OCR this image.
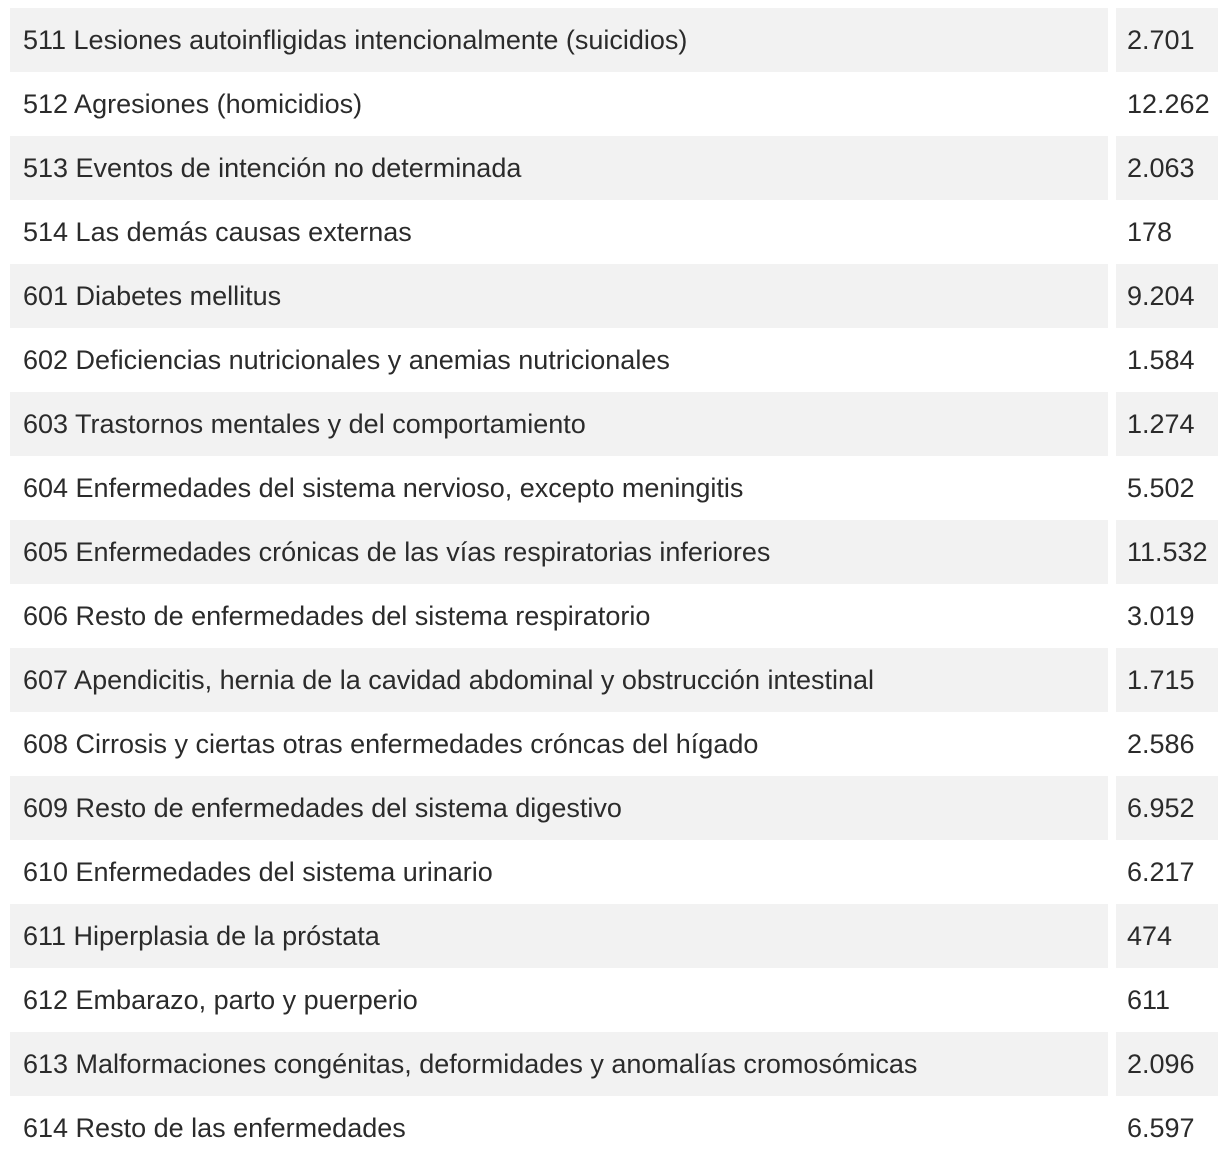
511 Lesiones autoinfligidas intencionalmente (suicidios)	2.701
512 Agresiones (homicidios)	12.262
513 Eventos de intención no determinada	2.063
514 Las demás causas externas	178
601 Diabetes mellitus	9.204
602 Deficiencias nutricionales y anemias nutricionales	1.584
603 Trastornos mentales y del comportamiento	1.274
604 Enfermedades del sistema nervioso, excepto meningitis	5.502
605 Enfermedades crónicas de las vías respiratorias inferiores	11.532
606 Resto de enfermedades del sistema respiratorio	3.019
607 Apendicitis, hernia de la cavidad abdominal y obstrucción intestinal	1.715
608 Cirrosis y ciertas otras enfermedades cróncas del hígado	2.586
609 Resto de enfermedades del sistema digestivo	6.952
610 Enfermedades del sistema urinario	6.217
611 Hiperplasia de la próstata	474
612 Embarazo, parto y puerperio	611
613 Malformaciones congénitas, deformidades y anomalías cromosómicas	2.096
614 Resto de las enfermedades	6.597
